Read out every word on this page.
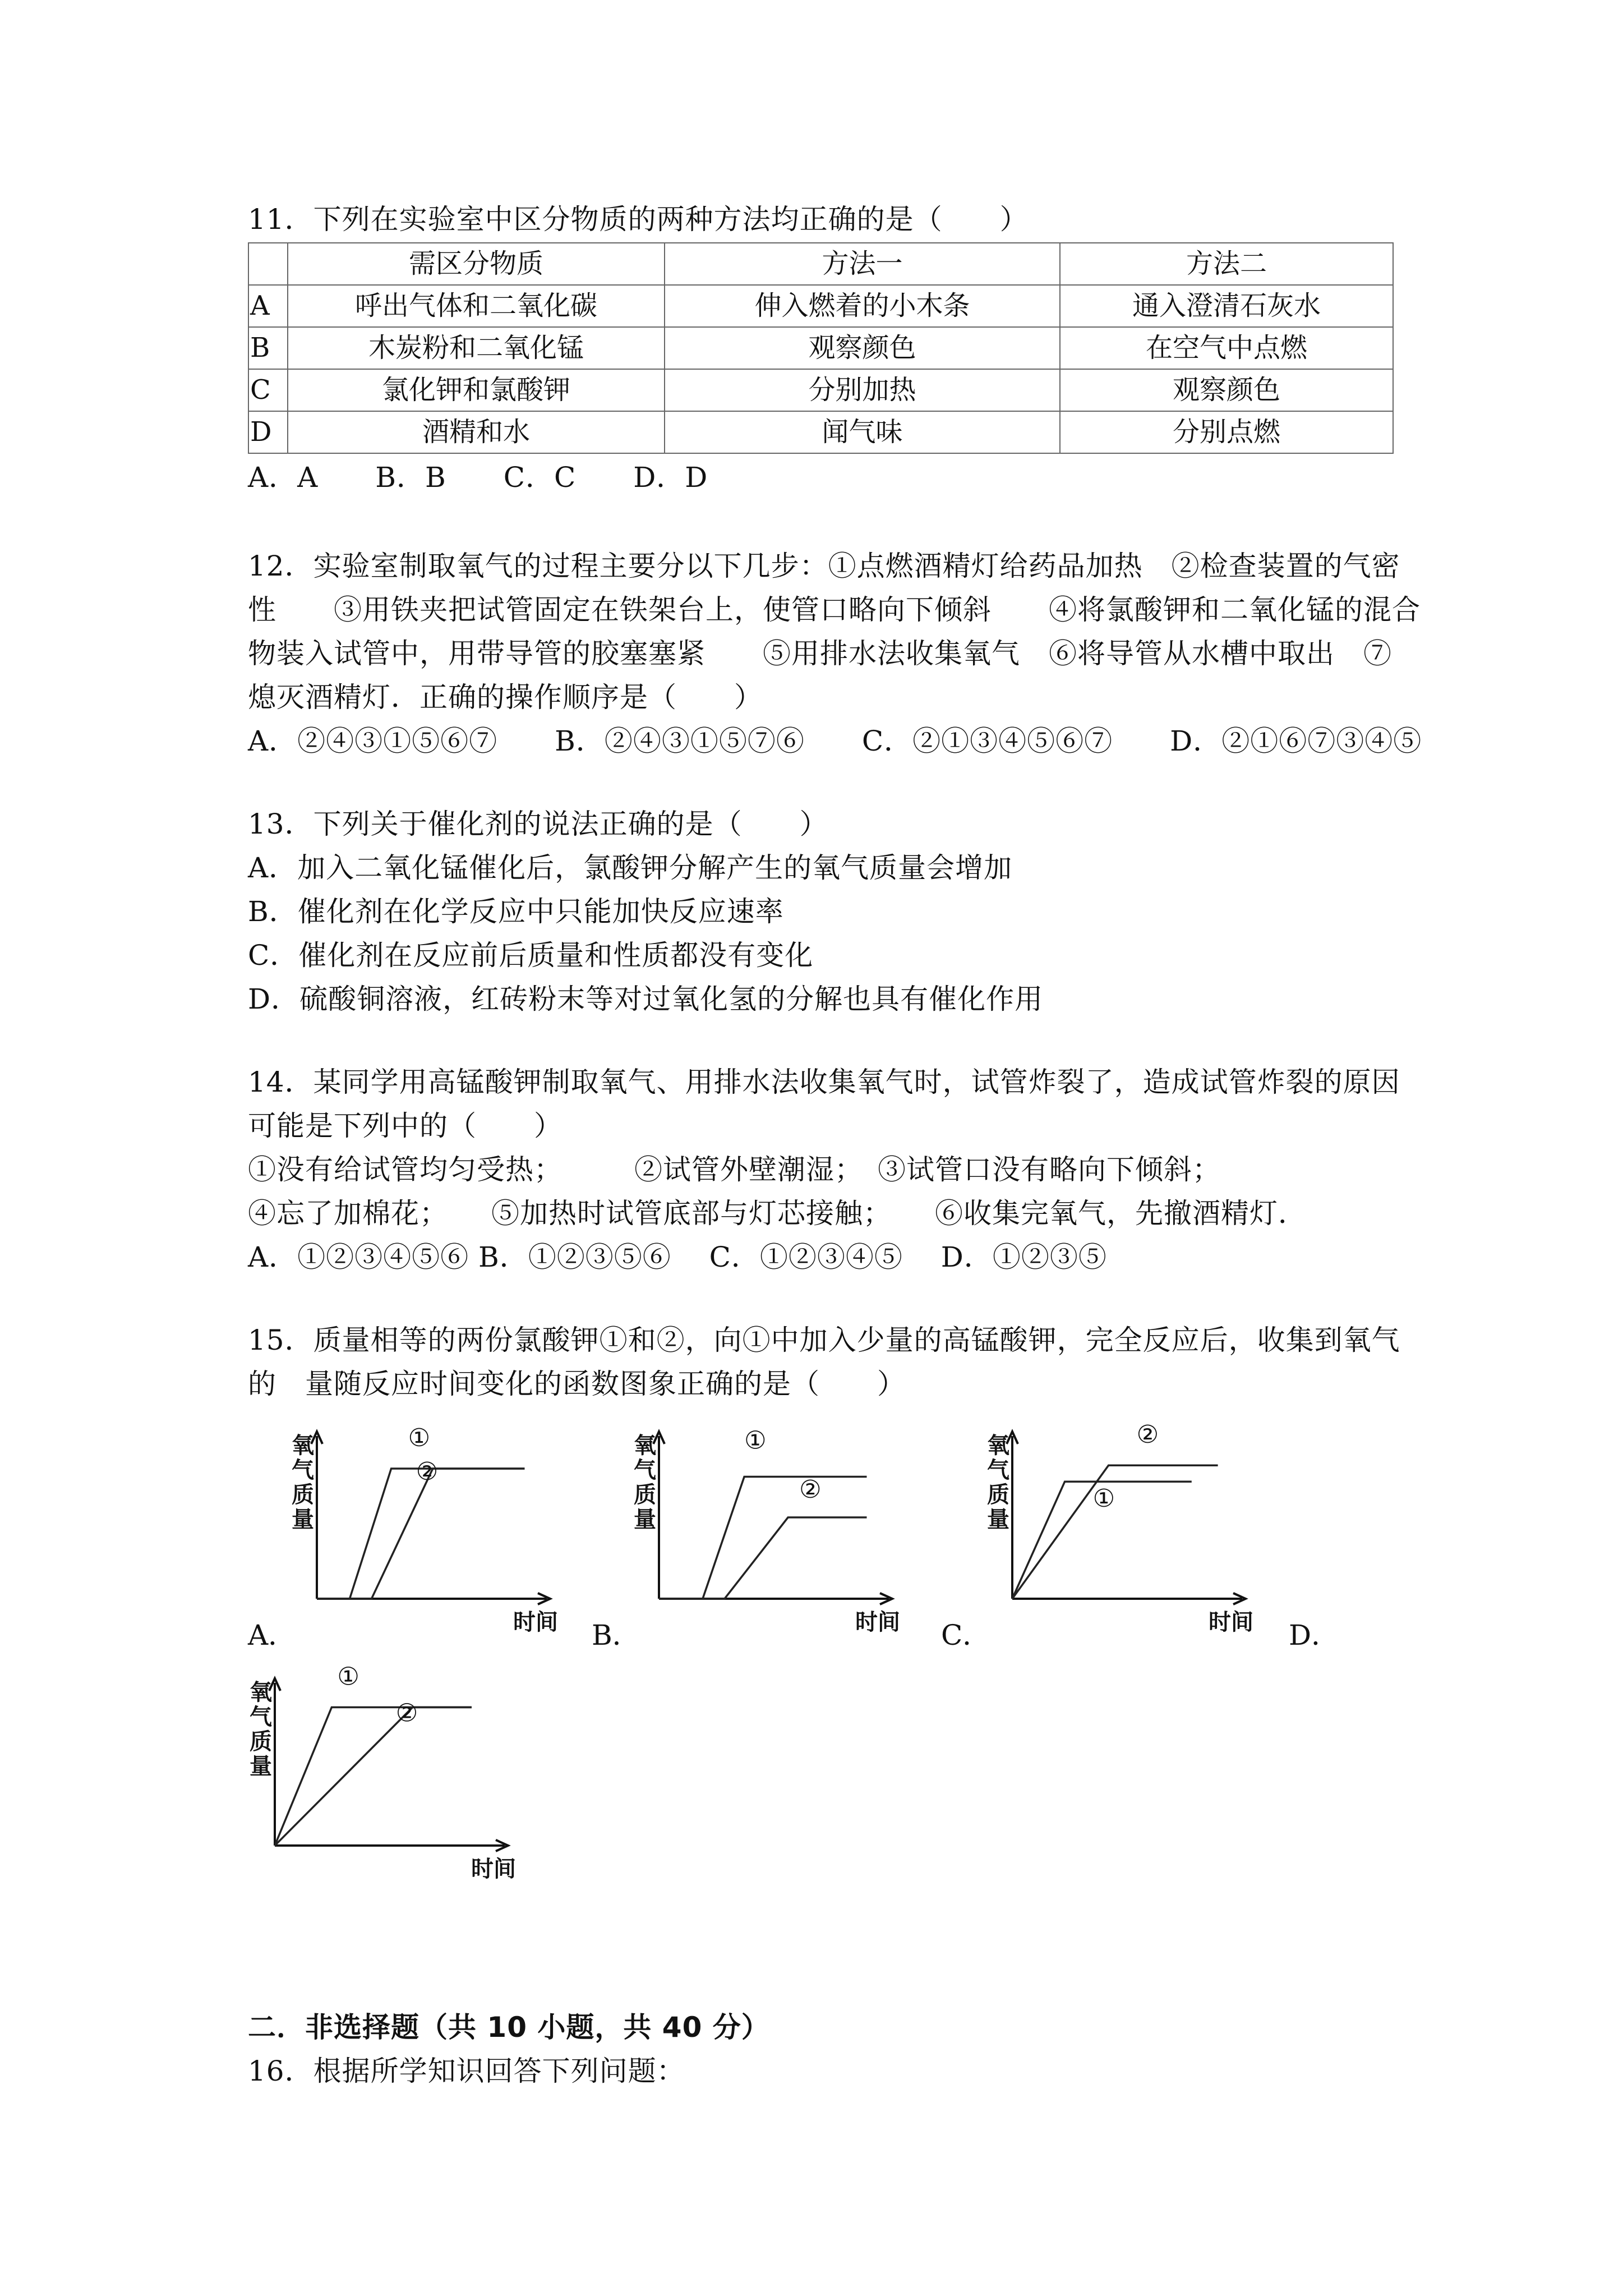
11．下列在实验室中区分物质的两种方法均正确的是（　　）
	需区分物质	方法一	方法二
A	呼出气体和二氧化碳	伸入燃着的小木条	通入澄清石灰水
B	木炭粉和二氧化锰	观察颜色	在空气中点燃
C	氯化钾和氯酸钾	分别加热	观察颜色
D	酒精和水	闻气味	分别点燃
A．A　　B．B　　C．C　　D．D
12．实验室制取氧气的过程主要分以下几步：①点燃酒精灯给药品加热　②检查装置的气密
性　　③用铁夹把试管固定在铁架台上，使管口略向下倾斜　　④将氯酸钾和二氧化锰的混合
物装入试管中，用带导管的胶塞塞紧　　⑤用排水法收集氧气　⑥将导管从水槽中取出　⑦
熄灭酒精灯．正确的操作顺序是（　　）
A．②④③①⑤⑥⑦　　B．②④③①⑤⑦⑥　　C．②①③④⑤⑥⑦　　D．②①⑥⑦③④⑤
13．下列关于催化剂的说法正确的是（　　）
A．加入二氧化锰催化后，氯酸钾分解产生的氧气质量会增加
B．催化剂在化学反应中只能加快反应速率
C．催化剂在反应前后质量和性质都没有变化
D．硫酸铜溶液，红砖粉末等对过氧化氢的分解也具有催化作用
14．某同学用高锰酸钾制取氧气、用排水法收集氧气时，试管炸裂了，造成试管炸裂的原因
可能是下列中的（　　）
①没有给试管均匀受热；　　　②试管外壁潮湿；　③试管口没有略向下倾斜；
④忘了加棉花；　　⑤加热时试管底部与灯芯接触；　　⑥收集完氧气，先撤酒精灯．
A．①②③④⑤⑥ B．①②③⑤⑥　 C．①②③④⑤　 D．①②③⑤
15．质量相等的两份氯酸钾①和②，向①中加入少量的高锰酸钾，完全反应后，收集到氧气
的　量随反应时间变化的函数图象正确的是（　　）
A．	B．	C．	D．
①
②
氧气质量
时间
①
②
氧气质量
时间
①
②
氧气质量
时间
①
②
氧气质量
时间
二．非选择题（共 10 小题，共 40 分）
16．根据所学知识回答下列问题：
